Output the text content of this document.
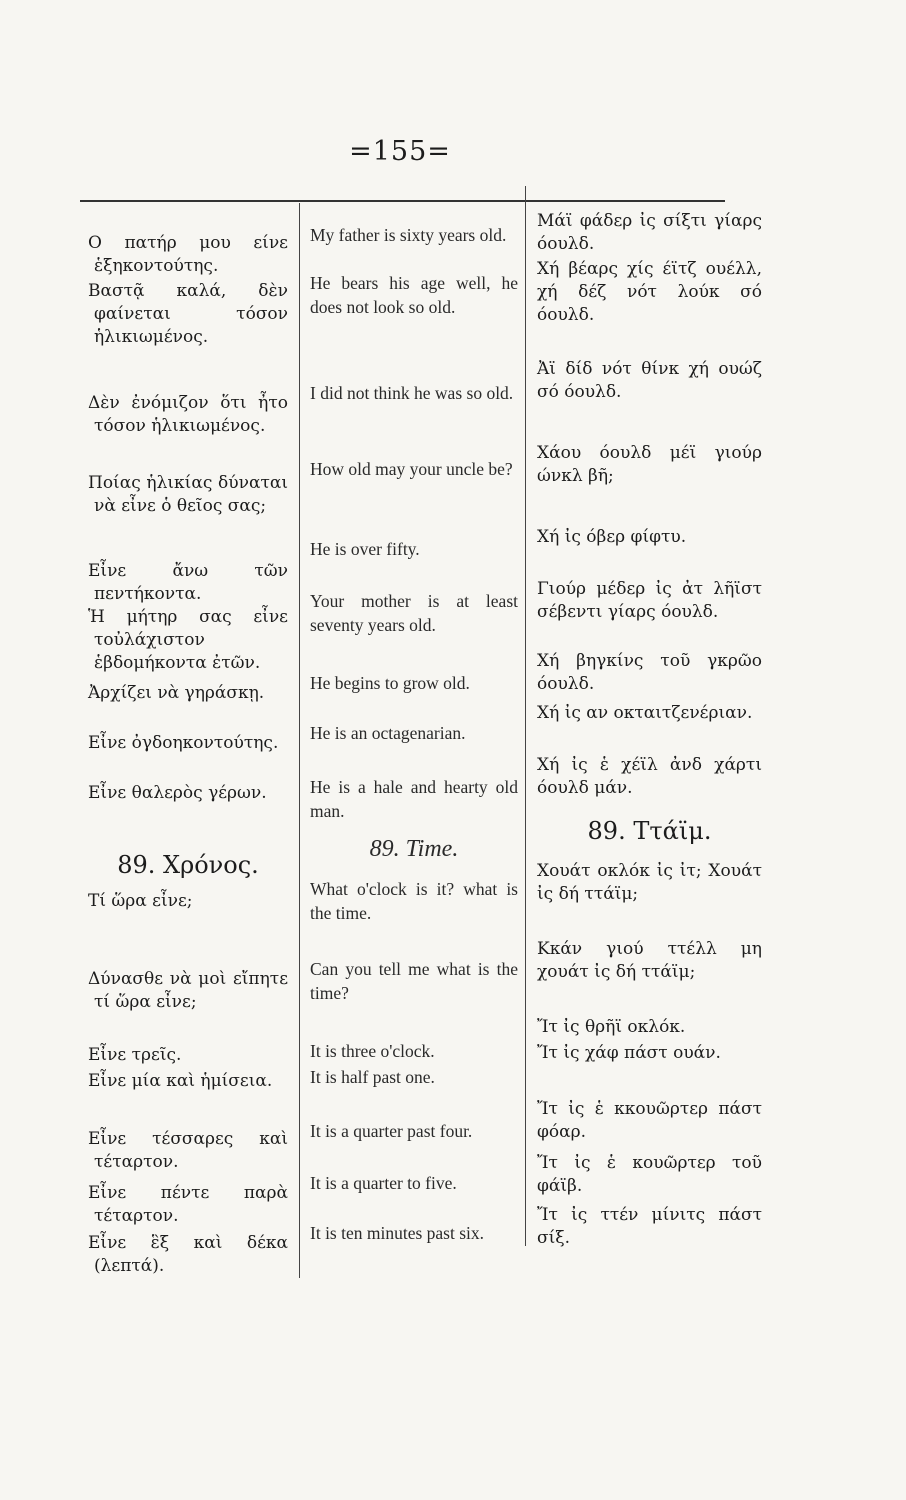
=155=
Ο πατήρ μου είνε ἑξηκοντούτης.
Βαστᾷ καλά, δὲν φαίνεται τόσον ἡλικιωμένος.
Δὲν ἐνόμιζον ὅτι ἦτο τόσον ἡλικιωμένος.
Ποίας ἡλικίας δύναται νὰ εἶνε ὁ θεῖος σας;
Εἶνε ἄνω τῶν πεντήκοντα.
Ἡ μήτηρ σας εἶνε τοὐλάχιστον ἑβδομήκοντα ἐτῶν.
Ἀρχίζει νὰ γηράσκῃ.
Εἶνε ὀγδοηκοντούτης.
Εἶνε θαλερὸς γέρων.
89. Χρόνος.
Τί ὥρα εἶνε;
Δύνασθε νὰ μοὶ εἴπητε τί ὥρα εἶνε;
Εἶνε τρεῖς.
Εἶνε μία καὶ ἡμίσεια.
Εἶνε τέσσαρες καὶ τέταρτον.
Εἶνε πέντε παρὰ τέταρτον.
Εἶνε ἓξ καὶ δέκα (λεπτά).
My father is sixty years old.
He bears his age well, he does not look so old.
I did not think he was so old.
How old may your uncle be?
He is over fifty.
Your mother is at least seventy years old.
He begins to grow old.
He is an octagenarian.
He is a hale and hearty old man.
89. Time.
What o'clock is it? what is the time.
Can you tell me what is the time?
It is three o'clock.
It is half past one.
It is a quarter past four.
It is a quarter to five.
It is ten minutes past six.
Μάϊ φάδερ ἰς σίξτι γίαρς όουλδ.
Χή βέαρς χίς έϊτζ ουέλλ, χή δέζ νότ λούκ σό όουλδ.
Ἀϊ δίδ νότ θίνκ χή ουώζ σό όουλδ.
Χάου όουλδ μέϊ γιούρ ώνκλ βῆ;
Χή ἰς όβερ φίφτυ.
Γιούρ μέδερ ἰς ἀτ λῆϊστ σέβεντι γίαρς όουλδ.
Χή βηγκίνς τοῦ γκρῶο όουλδ.
Χή ἰς αν οκταιτζενέριαν.
Χή ἰς ἑ χέϊλ ἀνδ χάρτι όουλδ μάν.
89. Ττάϊμ.
Χουάτ οκλόκ ἰς ἰτ; Χουάτ ἰς δή ττάϊμ;
Κκάν γιού ττέλλ μη χουάτ ἰς δή ττάϊμ;
Ἴτ ἰς θρῆϊ οκλόκ.
Ἴτ ἰς χάφ πάστ ουάν.
Ἴτ ἰς ἑ κκουῶρτερ πάστ φόαρ.
Ἴτ ἰς ἑ κουῶρτερ τοῦ φάϊβ.
Ἴτ ἰς ττέν μίνιτς πάστ σίξ.
